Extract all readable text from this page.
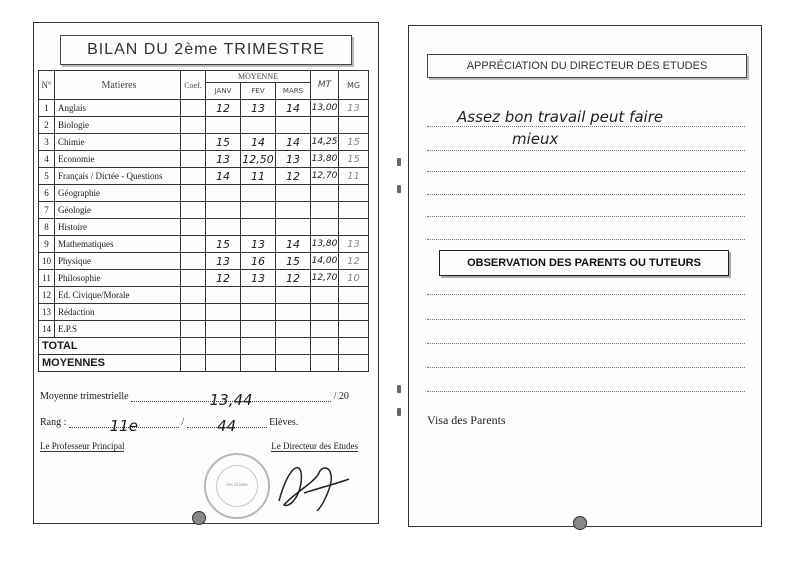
BILAN DU 2ème TRIMESTRE
N°	Matieres	Coef.	MOYENNE			MT	MG
			JANV	FEV	MARS		
1	Anglais		12	13	14	13,00	13
2	Biologie						
3	Chimie		15	14	14	14,25	15
4	Economie		13	12,50	13	13,80	15
5	Français / Dictée - Questions		14	11	12	12,70	11
6	Géographie						
7	Géologie						
8	Histoire						
9	Mathematiques		15	13	14	13,80	13
10	Physique		13	16	15	14,00	12
11	Philosophie		12	13	12	12,70	10
12	Ed. Civique/Morale						
13	Rédaction						
14	E.P.S						
TOTAL							
MOYENNES							
Moyenne trimestrielle	13,44	/ 20
Rang :	11e	/ 44	Elèves.
Le Professeur Principal	Le Directeur des Etudes
des Etudes
APPRÉCIATION DU DIRECTEUR DES ETUDES
Assez bon travail peut faire
mieux
OBSERVATION DES PARENTS OU TUTEURS
Visa des Parents
